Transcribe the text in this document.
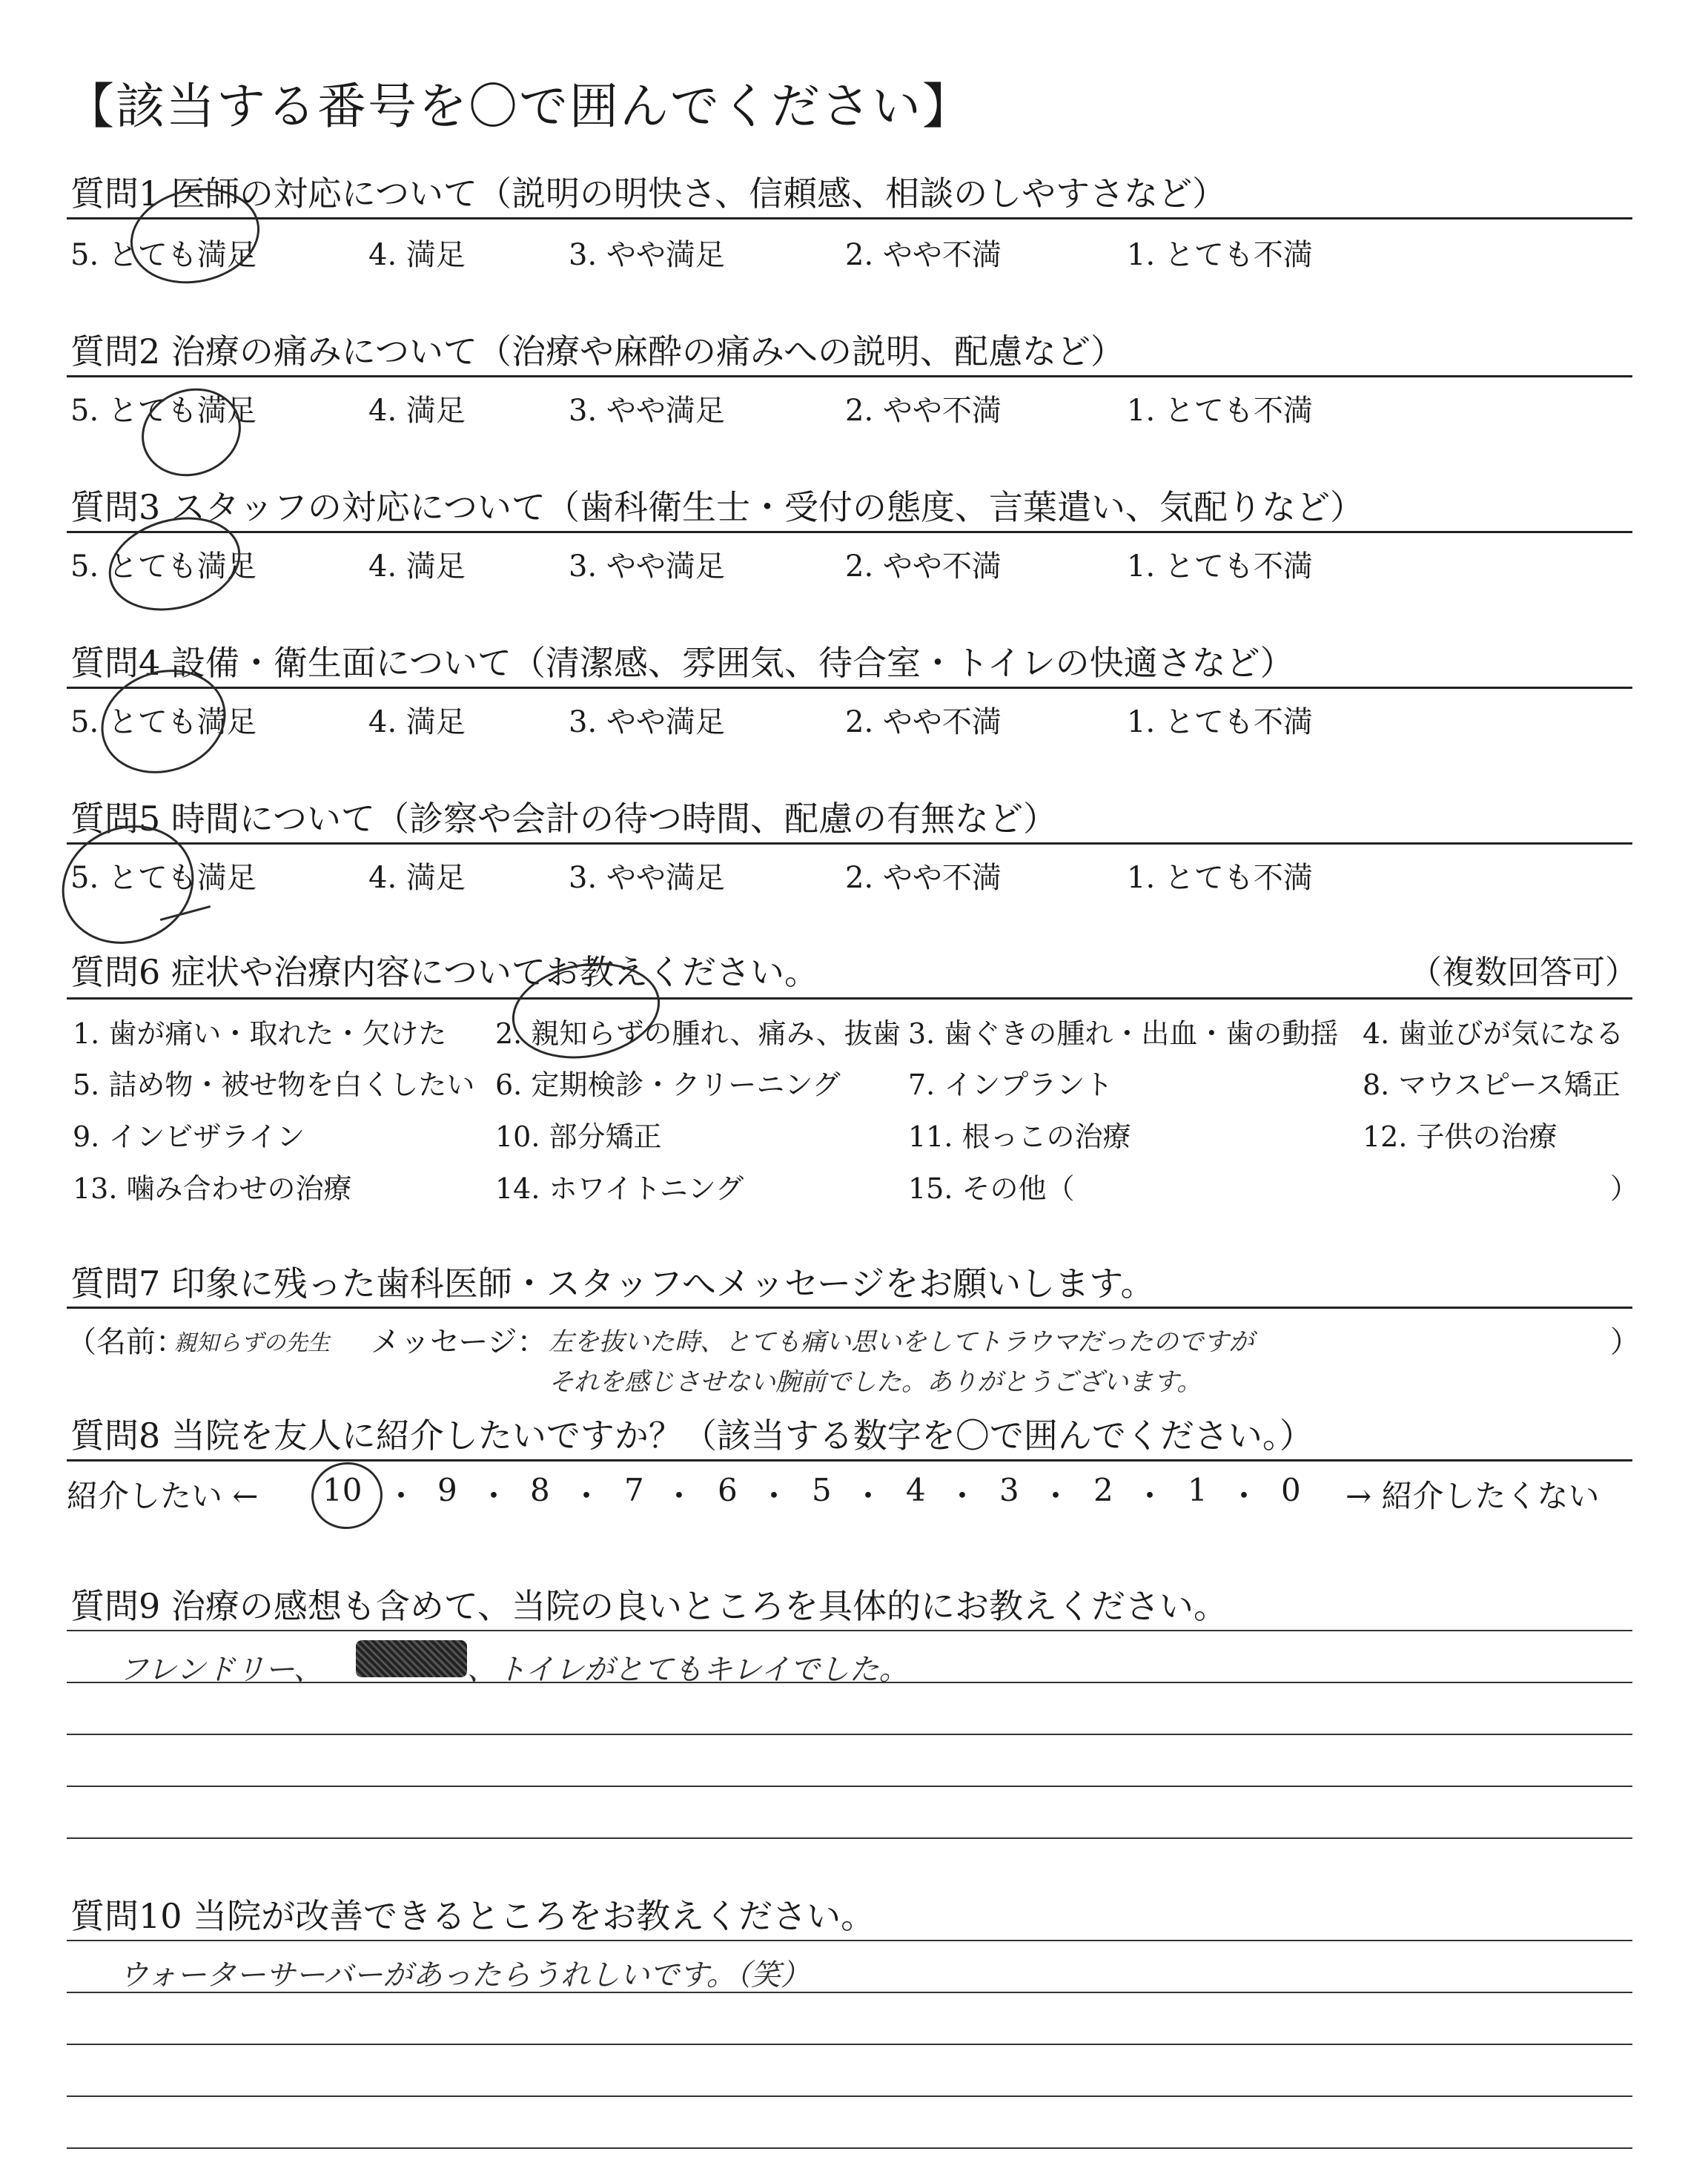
【該当する番号を〇で囲んでください】
質問1 医師の対応について（説明の明快さ、信頼感、相談のしやすさなど）
5. とても満足	4. 満足	3. やや満足	2. やや不満	1. とても不満
質問2 治療の痛みについて（治療や麻酔の痛みへの説明、配慮など）
5. とても満足	4. 満足	3. やや満足	2. やや不満	1. とても不満
質問3 スタッフの対応について（歯科衛生士・受付の態度、言葉遣い、気配りなど）
5. とても満足	4. 満足	3. やや満足	2. やや不満	1. とても不満
質問4 設備・衛生面について（清潔感、雰囲気、待合室・トイレの快適さなど）
5. とても満足	4. 満足	3. やや満足	2. やや不満	1. とても不満
質問5 時間について（診察や会計の待つ時間、配慮の有無など）
5. とても満足	4. 満足	3. やや満足	2. やや不満	1. とても不満
質問6 症状や治療内容についてお教えください。	（複数回答可）
1. 歯が痛い・取れた・欠けた 2. 親知らずの腫れ、痛み、抜歯 3. 歯ぐきの腫れ・出血・歯の動揺 4. 歯並びが気になる
5. 詰め物・被せ物を白くしたい 6. 定期検診・クリーニング 7. インプラント	8. マウスピース矯正
9. インビザライン	10. 部分矯正	11. 根っこの治療	12. 子供の治療
13. 噛み合わせの治療	14. ホワイトニング	15. その他（	）
質問7 印象に残った歯科医師・スタッフへメッセージをお願いします。
（名前：
親知らずの先生 メッセージ： 左を抜いた時、とても痛い思いをしてトラウマだったのですが
それを感じさせない腕前でした。ありがとうございます。
）
質問8 当院を友人に紹介したいですか？（該当する数字を〇で囲んでください。）
紹介したい ← 10 ・ 9 ・ 8 ・ 7 ・ 6 ・ 5 ・ 4 ・ 3 ・ 2 ・ 1 ・ 0 → 紹介したくない
質問9 治療の感想も含めて、当院の良いところを具体的にお教えください。
フレンドリー、	、トイレがとてもキレイでした。
質問10 当院が改善できるところをお教えください。
ウォーターサーバーがあったらうれしいです。（笑）
